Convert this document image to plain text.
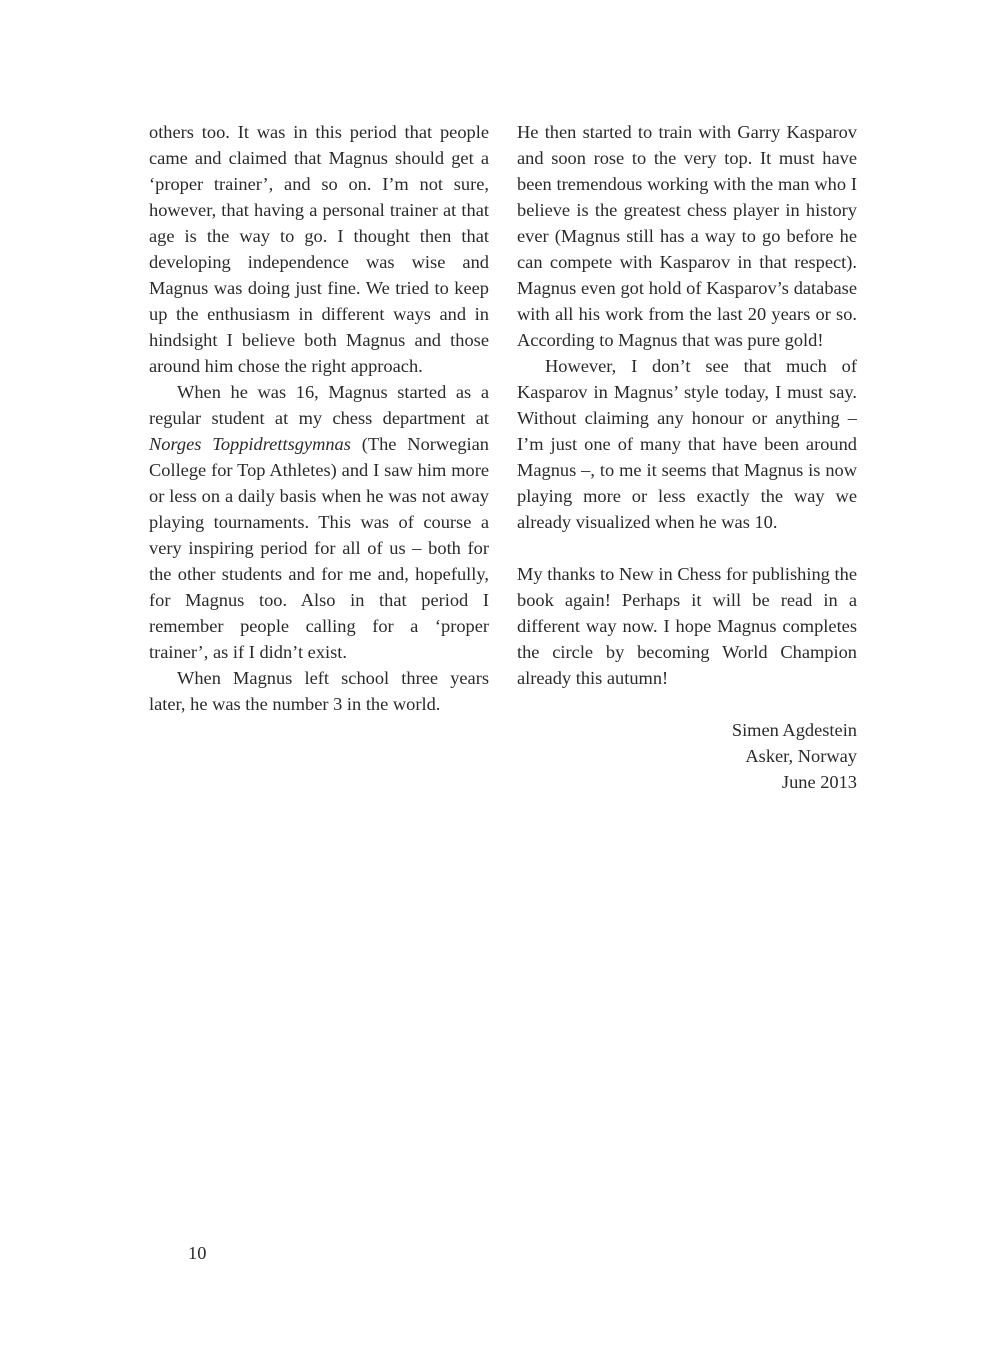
others too. It was in this period that people came and claimed that Magnus should get a ‘proper trainer’, and so on. I’m not sure, however, that having a personal trainer at that age is the way to go. I thought then that developing independence was wise and Magnus was doing just fine. We tried to keep up the enthusiasm in different ways and in hindsight I believe both Magnus and those around him chose the right approach.

When he was 16, Magnus started as a regular student at my chess department at Norges Toppidrettsgymnas (The Norwegian College for Top Athletes) and I saw him more or less on a daily basis when he was not away playing tournaments. This was of course a very inspiring period for all of us – both for the other students and for me and, hopefully, for Magnus too. Also in that period I remember people calling for a ‘proper trainer’, as if I didn’t exist.

When Magnus left school three years later, he was the number 3 in the world.

He then started to train with Garry Kasparov and soon rose to the very top. It must have been tremendous working with the man who I believe is the greatest chess player in history ever (Magnus still has a way to go before he can compete with Kasparov in that respect). Magnus even got hold of Kasparov’s database with all his work from the last 20 years or so. According to Magnus that was pure gold!

However, I don’t see that much of Kasparov in Magnus’ style today, I must say. Without claiming any honour or anything – I’m just one of many that have been around Magnus –, to me it seems that Magnus is now playing more or less exactly the way we already visualized when he was 10.

My thanks to New in Chess for publishing the book again! Perhaps it will be read in a different way now. I hope Magnus completes the circle by becoming World Champion already this autumn!

Simen Agdestein
Asker, Norway
June 2013
10
